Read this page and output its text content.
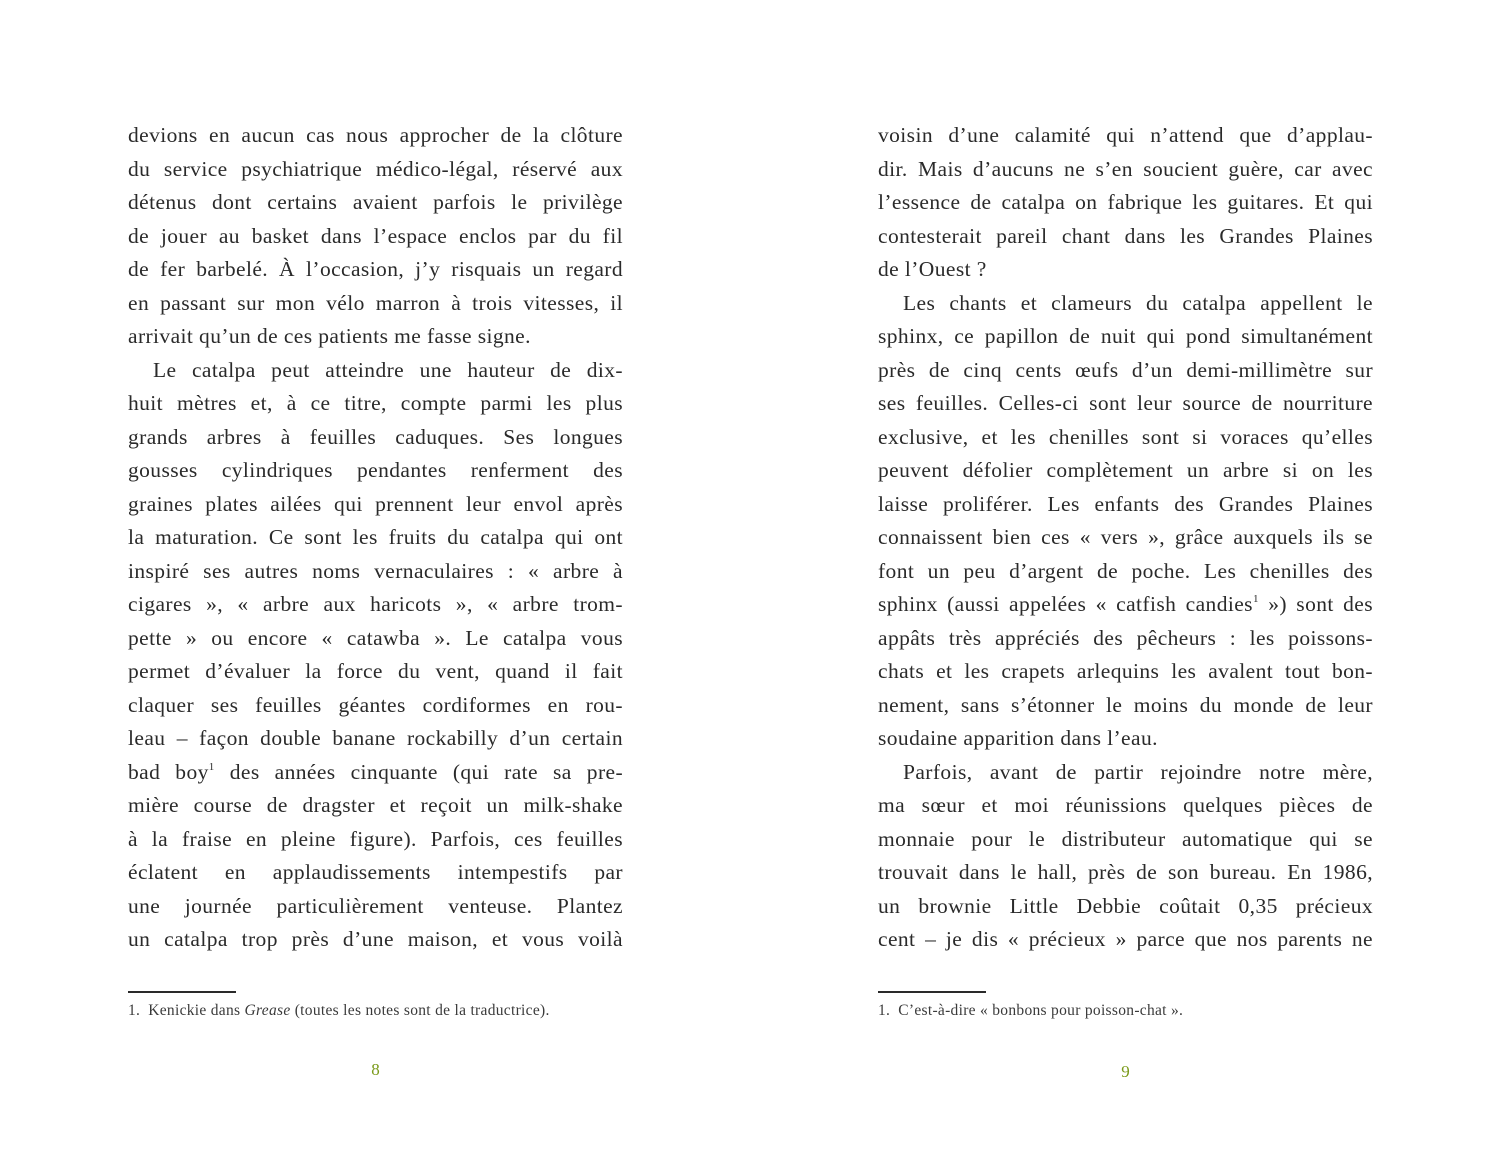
devions en aucun cas nous approcher de la clôture
du service psychiatrique médico-légal, réservé aux
détenus dont certains avaient parfois le privilège
de jouer au basket dans l’espace enclos par du fil
de fer barbelé. À l’occasion, j’y risquais un regard
en passant sur mon vélo marron à trois vitesses, il
arrivait qu’un de ces patients me fasse signe.
Le catalpa peut atteindre une hauteur de dix-
huit mètres et, à ce titre, compte parmi les plus
grands arbres à feuilles caduques. Ses longues
gousses cylindriques pendantes renferment des
graines plates ailées qui prennent leur envol après
la maturation. Ce sont les fruits du catalpa qui ont
inspiré ses autres noms vernaculaires : « arbre à
cigares », « arbre aux haricots », « arbre trom-
pette » ou encore « catawba ». Le catalpa vous
permet d’évaluer la force du vent, quand il fait
claquer ses feuilles géantes cordiformes en rou-
leau – façon double banane rockabilly d’un certain
bad boy$^1$ des années cinquante (qui rate sa pre-
mière course de dragster et reçoit un milk-shake
à la fraise en pleine figure). Parfois, ces feuilles
éclatent en applaudissements intempestifs par
une journée particulièrement venteuse. Plantez
un catalpa trop près d’une maison, et vous voilà
1. Kenickie dans Grease (toutes les notes sont de la traductrice).
8
voisin d’une calamité qui n’attend que d’applau-
dir. Mais d’aucuns ne s’en soucient guère, car avec
l’essence de catalpa on fabrique les guitares. Et qui
contesterait pareil chant dans les Grandes Plaines
de l’Ouest ?
Les chants et clameurs du catalpa appellent le
sphinx, ce papillon de nuit qui pond simultanément
près de cinq cents œufs d’un demi-millimètre sur
ses feuilles. Celles-ci sont leur source de nourriture
exclusive, et les chenilles sont si voraces qu’elles
peuvent défolier complètement un arbre si on les
laisse proliférer. Les enfants des Grandes Plaines
connaissent bien ces « vers », grâce auxquels ils se
font un peu d’argent de poche. Les chenilles des
sphinx (aussi appelées « catfish candies$^1$ ») sont des
appâts très appréciés des pêcheurs : les poissons-
chats et les crapets arlequins les avalent tout bon-
nement, sans s’étonner le moins du monde de leur
soudaine apparition dans l’eau.
Parfois, avant de partir rejoindre notre mère,
ma sœur et moi réunissions quelques pièces de
monnaie pour le distributeur automatique qui se
trouvait dans le hall, près de son bureau. En 1986,
un brownie Little Debbie coûtait 0,35 précieux
cent – je dis « précieux » parce que nos parents ne
1. C’est-à-dire « bonbons pour poisson-chat ».
9
